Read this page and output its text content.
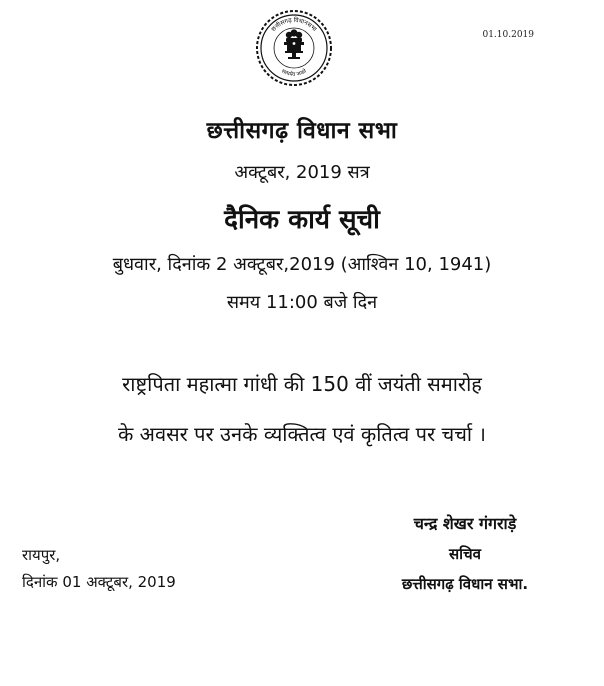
छत्तीसगढ़ विधानसभा
सत्यमेव जयते
01.10.2019
छत्तीसगढ़ विधान सभा
अक्टूबर, 2019 सत्र
दैनिक कार्य सूची
बुधवार, दिनांक 2 अक्टूबर,2019 (आश्विन 10, 1941)
समय 11:00 बजे दिन
राष्ट्रपिता महात्मा गांधी की 150 वीं जयंती समारोह
के अवसर पर उनके व्यक्तित्व एवं कृतित्व पर चर्चा ।
रायपुर,
दिनांक 01 अक्टूबर, 2019
चन्द्र शेखर गंगराड़े
सचिव
छत्तीसगढ़ विधान सभा.
